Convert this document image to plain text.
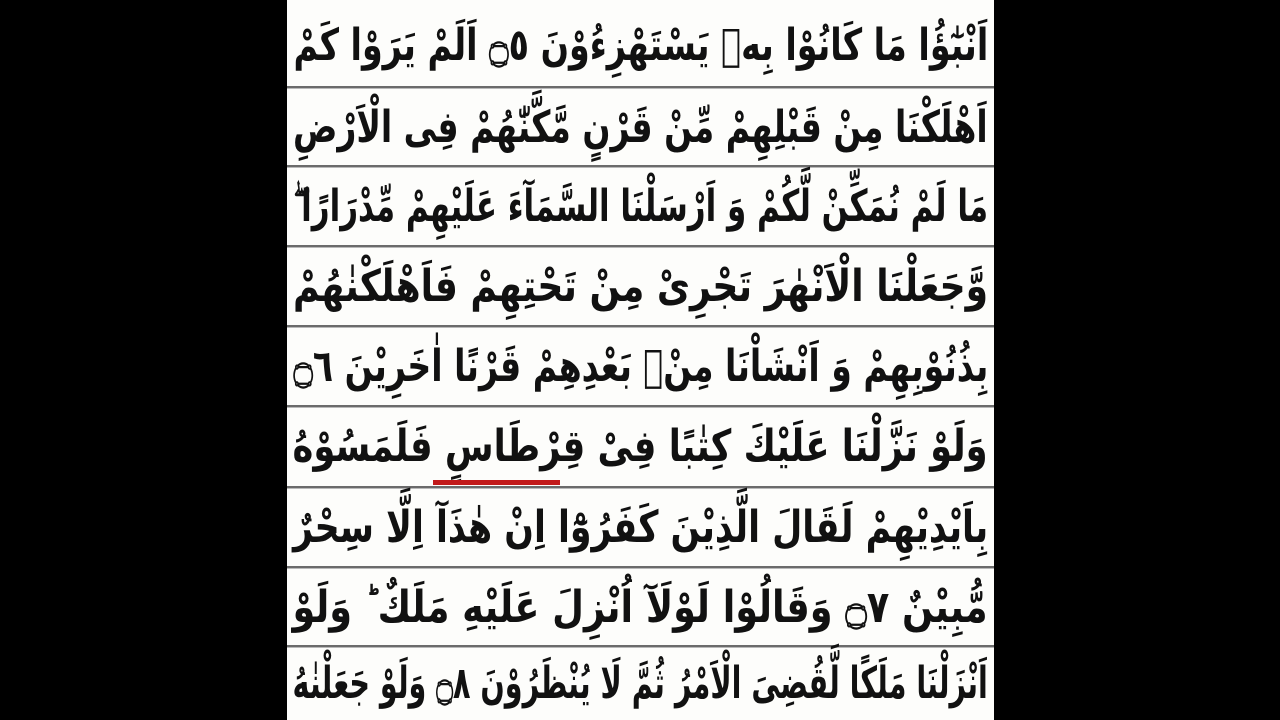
اَنْبٰٓؤُا مَا كَانُوْا بِهٖ يَسْتَهْزِءُوْنَ ۝٥ اَلَمْ يَرَوْا كَمْ
اَهْلَكْنَا مِنْ قَبْلِهِمْ مِّنْ قَرْنٍ مَّكَّنّٰهُمْ فِى الْاَرْضِ
مَا لَمْ نُمَكِّنْ لَّكُمْ وَ اَرْسَلْنَا السَّمَآءَ عَلَيْهِمْ مِّدْرَارًا ۖ
وَّجَعَلْنَا الْاَنْهٰرَ تَجْرِىْ مِنْ تَحْتِهِمْ فَاَهْلَكْنٰهُمْ
بِذُنُوْبِهِمْ وَ اَنْشَاْنَا مِنْۢ بَعْدِهِمْ قَرْنًا اٰخَرِيْنَ ۝٦
وَلَوْ نَزَّلْنَا عَلَيْكَ كِتٰبًا فِىْ قِرْطَاسٍ فَلَمَسُوْهُ
بِاَيْدِيْهِمْ لَقَالَ الَّذِيْنَ كَفَرُوْٓا اِنْ هٰذَآ اِلَّا سِحْرٌ
مُّبِيْنٌ ۝٧ وَقَالُوْا لَوْلَآ اُنْزِلَ عَلَيْهِ مَلَكٌ ؕ وَلَوْ
اَنْزَلْنَا مَلَكًا لَّقُضِىَ الْاَمْرُ ثُمَّ لَا يُنْظَرُوْنَ ۝٨ وَلَوْ جَعَلْنٰهُ
